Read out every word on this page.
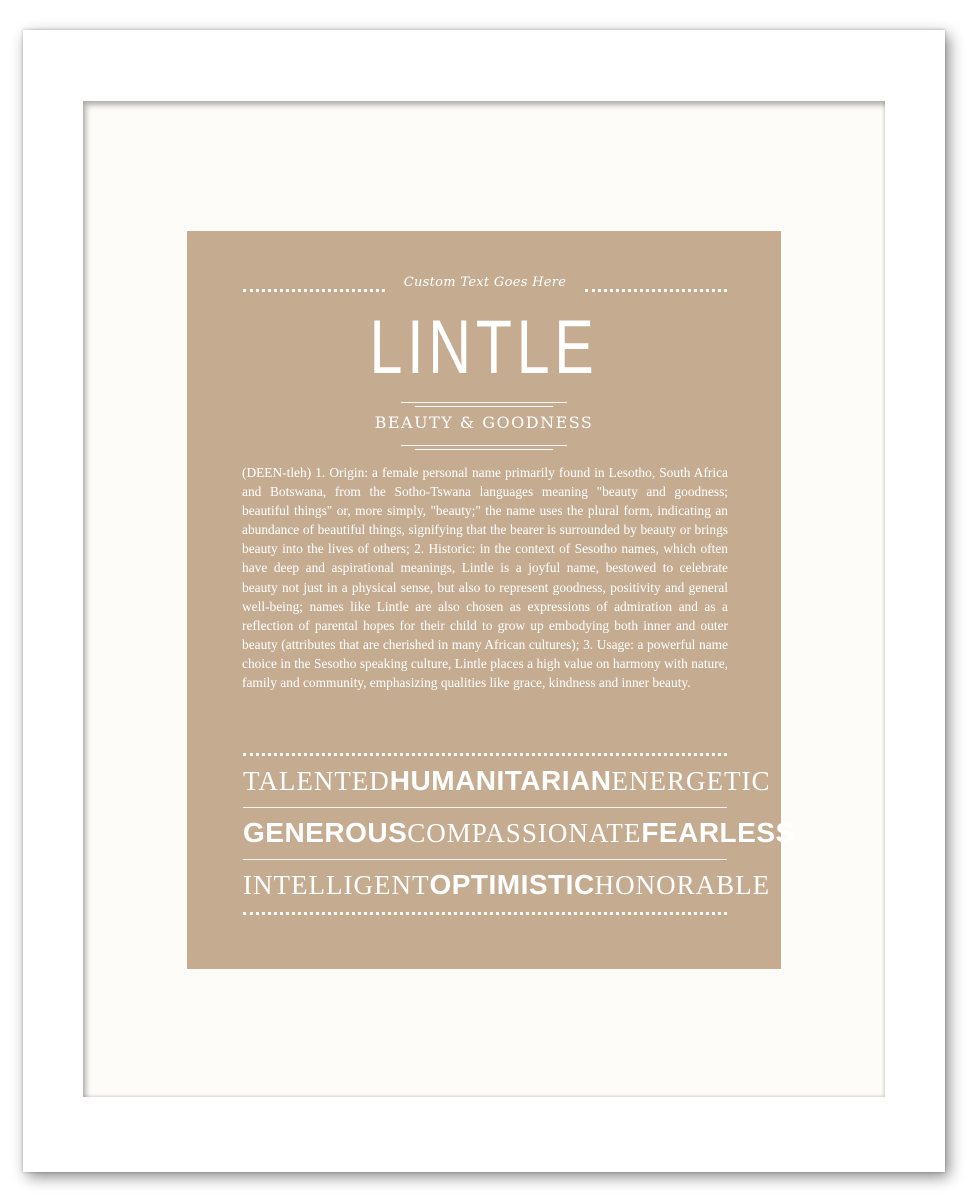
Custom Text Goes Here
LINTLE
BEAUTY & GOODNESS
(DEEN-tleh) 1. Origin: a female personal name primarily found in Lesotho, South Africa and Botswana, from the Sotho-Tswana languages meaning "beauty and goodness; beautiful things" or, more simply, "beauty;" the name uses the plural form, indicating an abundance of beautiful things, signifying that the bearer is surrounded by beauty or brings beauty into the lives of others; 2. Historic: in the context of Sesotho names, which often have deep and aspirational meanings, Lintle is a joyful name, bestowed to celebrate beauty not just in a physical sense, but also to represent goodness, positivity and general well-being; names like Lintle are also chosen as expressions of admiration and as a reflection of parental hopes for their child to grow up embodying both inner and outer beauty (attributes that are cherished in many African cultures); 3. Usage: a powerful name choice in the Sesotho speaking culture, Lintle places a high value on harmony with nature, family and community, emphasizing qualities like grace, kindness and inner beauty.
TALENTED HUMANITARIAN ENERGETIC
GENEROUS COMPASSIONATE FEARLESS
INTELLIGENT OPTIMISTIC HONORABLE
